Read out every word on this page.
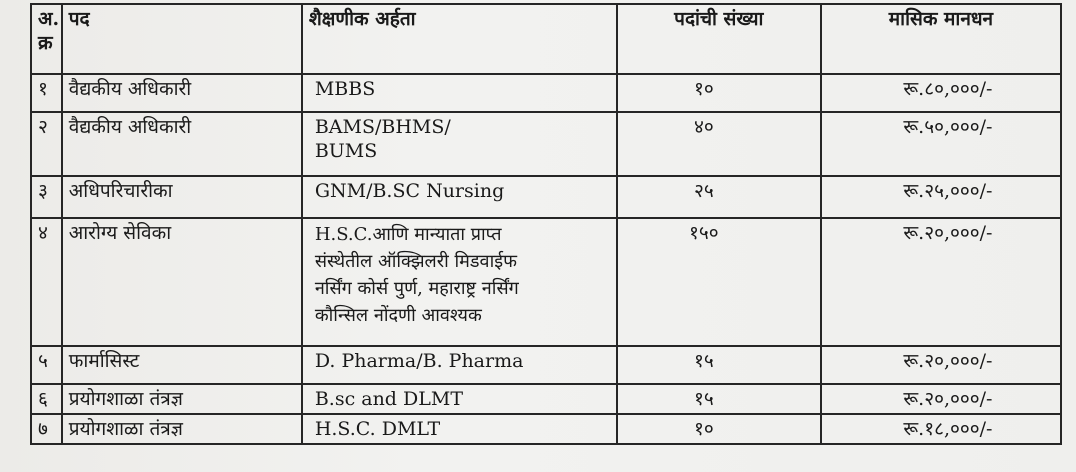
अ.
क्र	पद	शैक्षणीक अर्हता	पदांची संख्या	मासिक मानधन
१	वैद्यकीय अधिकारी	MBBS	१०	रू.८०,०००/-
२	वैद्यकीय अधिकारी	BAMS/BHMS/
BUMS	४०	रू.५०,०००/-
३	अधिपरिचारीका	GNM/B.SC Nursing	२५	रू.२५,०००/-
४	आरोग्य सेविका	H.S.C.आणि मान्याता प्राप्त
संस्थेतील ऑक्झिलरी मिडवाईफ
नर्सिंग कोर्स पुर्ण, महाराष्ट्र नर्सिंग
कौन्सिल नोंदणी आवश्यक	१५०	रू.२०,०००/-
५	फार्मासिस्ट	D. Pharma/B. Pharma	१५	रू.२०,०००/-
६	प्रयोगशाळा तंत्रज्ञ	B.sc and DLMT	१५	रू.२०,०००/-
७	प्रयोगशाळा तंत्रज्ञ	H.S.C. DMLT	१०	रू.१८,०००/-
